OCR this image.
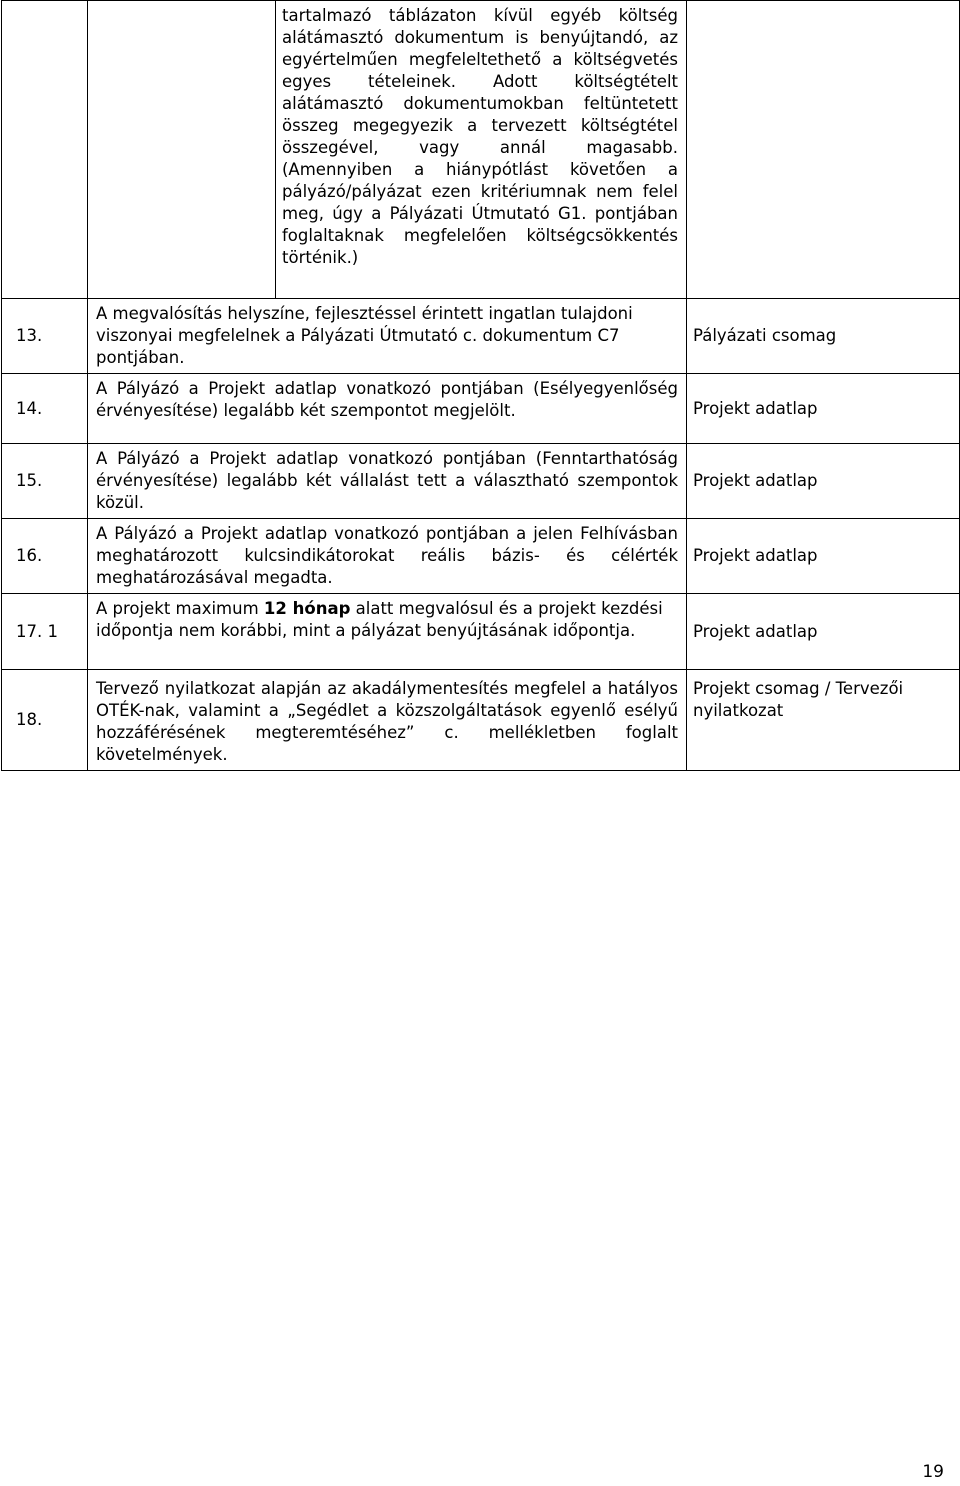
		tartalmazó táblázaton kívül egyéb költség alátámasztó dokumentum is benyújtandó, az egyértelműen megfeleltethető a költségvetés egyes tételeinek. Adott költségtételt alátámasztó dokumentumokban feltüntetett összeg megegyezik a tervezett költségtétel összegével, vagy annál magasabb. (Amennyiben a hiánypótlást követően a pályázó/pályázat ezen kritériumnak nem felel meg, úgy a Pályázati Útmutató G1. pontjában foglaltaknak megfelelően költségcsökkentés történik.)	
13.	A megvalósítás helyszíne, fejlesztéssel érintett ingatlan tulajdoni viszonyai megfelelnek a Pályázati Útmutató c. dokumentum C7 pontjában.		Pályázati csomag
14.	A Pályázó a Projekt adatlap vonatkozó pontjában (Esélyegyenlőség érvényesítése) legalább két szempontot megjelölt.		Projekt adatlap
15.	A Pályázó a Projekt adatlap vonatkozó pontjában (Fenntarthatóság érvényesítése) legalább két vállalást tett a választható szempontok közül.		Projekt adatlap
16.	A Pályázó a Projekt adatlap vonatkozó pontjában a jelen Felhívásban meghatározott kulcsindikátorokat reális bázis- és célérték meghatározásával megadta.		Projekt adatlap
17. 1	A projekt maximum 12 hónap alatt megvalósul és a projekt kezdési időpontja nem korábbi, mint a pályázat benyújtásának időpontja.		Projekt adatlap
18.	Tervező nyilatkozat alapján az akadálymentesítés megfelel a hatályos OTÉK-nak, valamint a „Segédlet a közszolgáltatások egyenlő esélyű hozzáférésének megteremtéséhez” c. mellékletben foglalt követelmények.		Projekt csomag / Tervezői nyilatkozat
19
